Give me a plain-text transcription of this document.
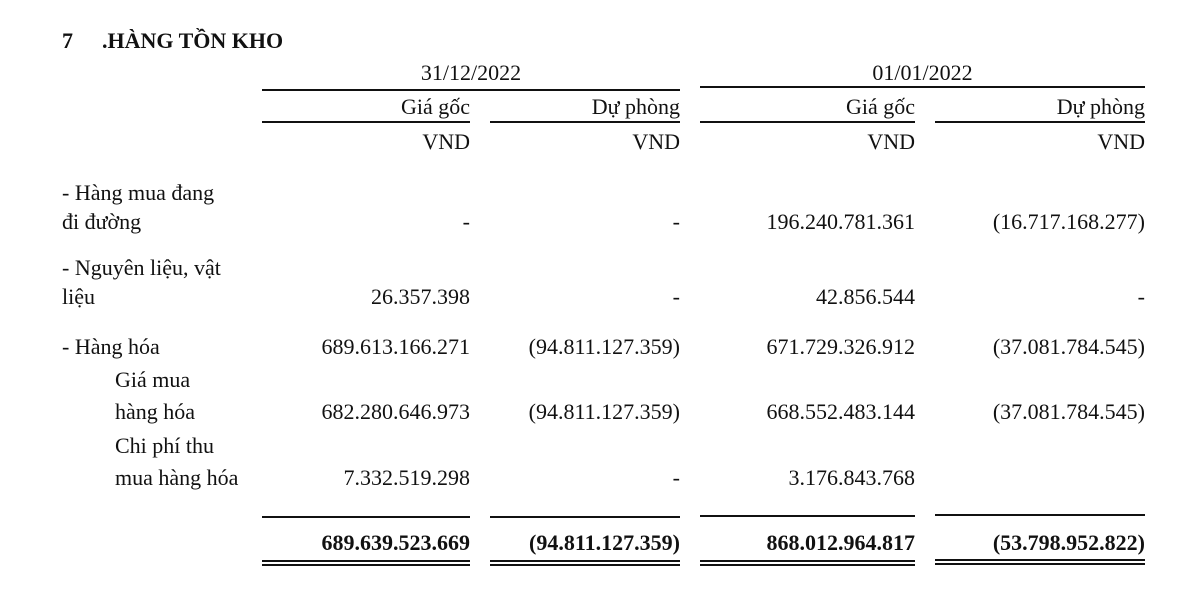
7 .HÀNG TỒN KHO
31/12/2022	01/01/2022
Giá gốc	Dự phòng	Giá gốc	Dự phòng
VND	VND	VND	VND
- Hàng mua đang
đi đường	-	-	196.240.781.361	(16.717.168.277)
- Nguyên liệu, vật
liệu	26.357.398	-	42.856.544	-
- Hàng hóa	689.613.166.271	(94.811.127.359)	671.729.326.912	(37.081.784.545)
Giá mua
hàng hóa	682.280.646.973	(94.811.127.359)	668.552.483.144	(37.081.784.545)
Chi phí thu
mua hàng hóa	7.332.519.298	-	3.176.843.768
689.639.523.669	(94.811.127.359)	868.012.964.817	(53.798.952.822)
